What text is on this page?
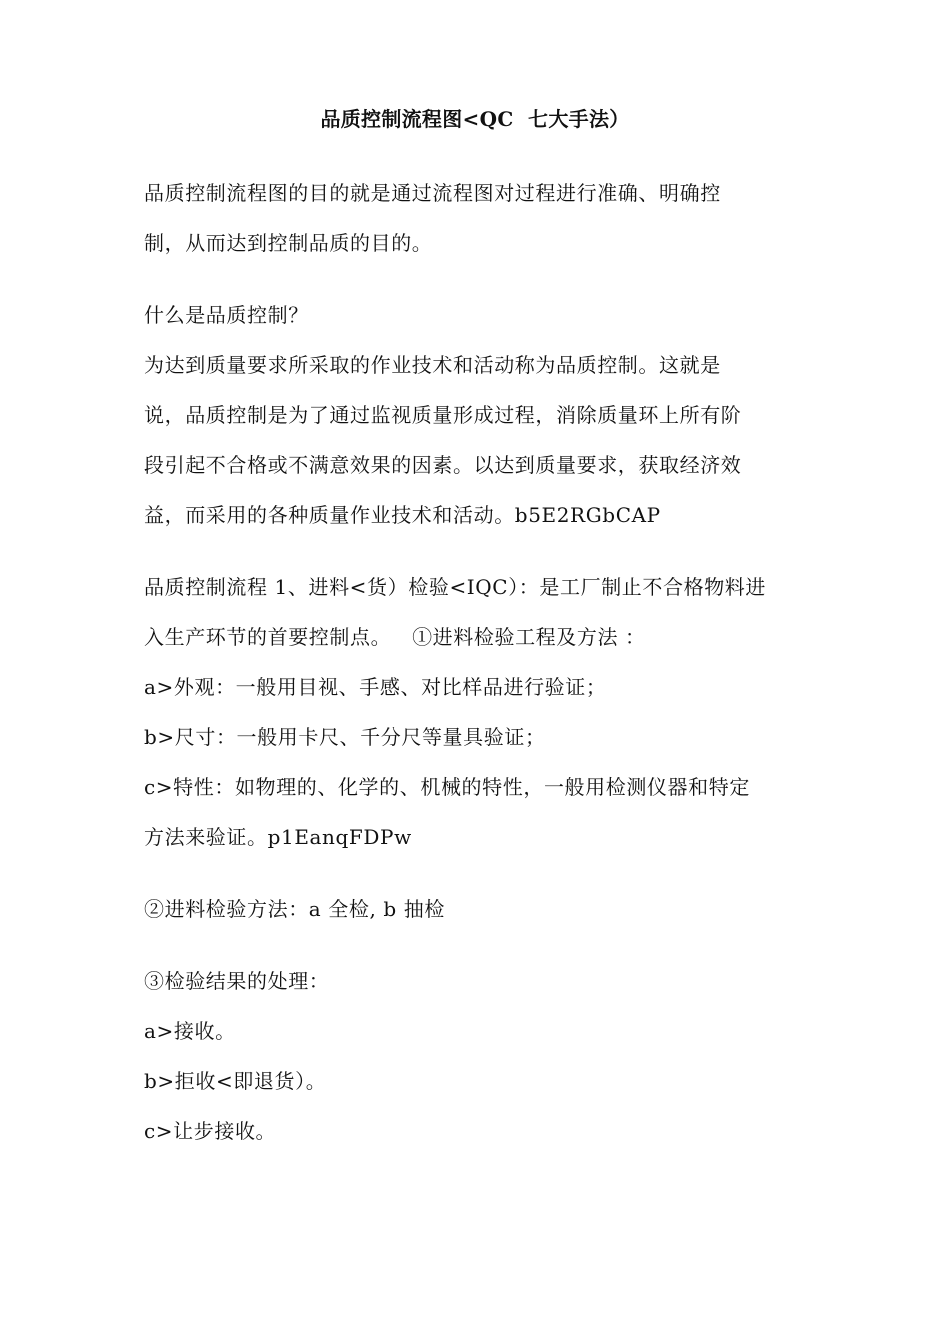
品质控制流程图<QC  七大手法）
品质控制流程图的目的就是通过流程图对过程进行准确、明确控
制，从而达到控制品质的目的。
什么是品质控制？
为达到质量要求所采取的作业技术和活动称为品质控制。这就是
说，品质控制是为了通过监视质量形成过程，消除质量环上所有阶
段引起不合格或不满意效果的因素。以达到质量要求，获取经济效
益，而采用的各种质量作业技术和活动。b5E2RGbCAP
品质控制流程 1、进料<货）检验<IQC）：是工厂制止不合格物料进
入生产环节的首要控制点。   ①进料检验工程及方法 ：
a>外观：一般用目视、手感、对比样品进行验证；
b>尺寸：一般用卡尺、千分尺等量具验证；
c>特性：如物理的、化学的、机械的特性，一般用检测仪器和特定
方法来验证。p1EanqFDPw
②进料检验方法：a 全检, b 抽检
③检验结果的处理：
a>接收。
b>拒收<即退货）。
c>让步接收。
